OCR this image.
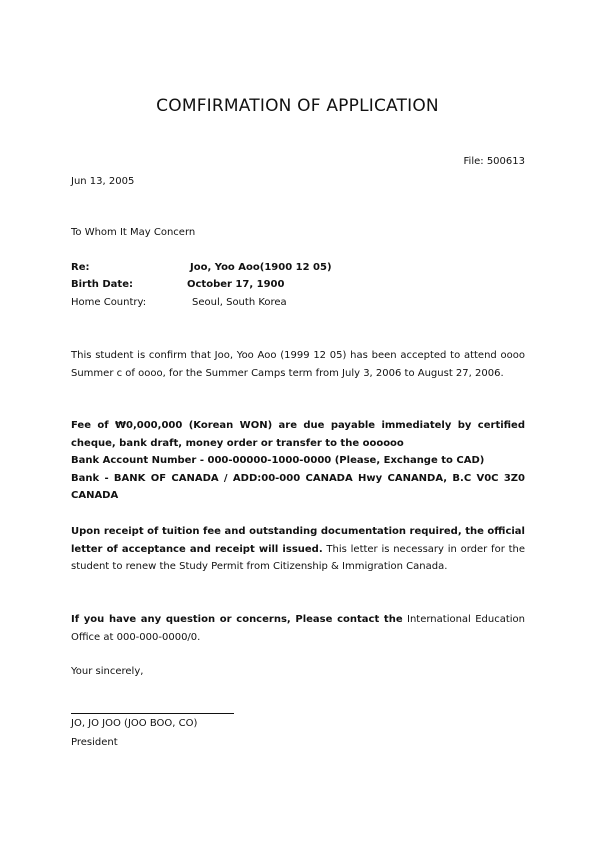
COMFIRMATION OF APPLICATION
File: 500613
Jun 13, 2005
To Whom It May Concern
Re:	Joo, Yoo Aoo(1900 12 05)
Birth Date:	October 17, 1900
Home Country:	Seoul, South Korea

This student is confirm that Joo, Yoo Aoo (1999 12 05) has been accepted to attend oooo Summer c of oooo, for the Summer Camps term from July 3, 2006 to August 27, 2006.

Fee of ₩0,000,000 (Korean WON) are due payable immediately by certified cheque, bank draft, money order or transfer to the oooooo
Bank Account Number - 000-00000-1000-0000 (Please, Exchange to CAD)
Bank - BANK OF CANADA / ADD:00-000 CANADA Hwy CANANDA, B.C V0C 3Z0 CANADA

Upon receipt of tuition fee and outstanding documentation required, the official letter of acceptance and receipt will issued. This letter is necessary in order for the student to renew the Study Permit from Citizenship & Immigration Canada.

If you have any question or concerns, Please contact the International Education Office at 000-000-0000/0.

Your sincerely,
JO, JO JOO (JOO BOO, CO)
President
